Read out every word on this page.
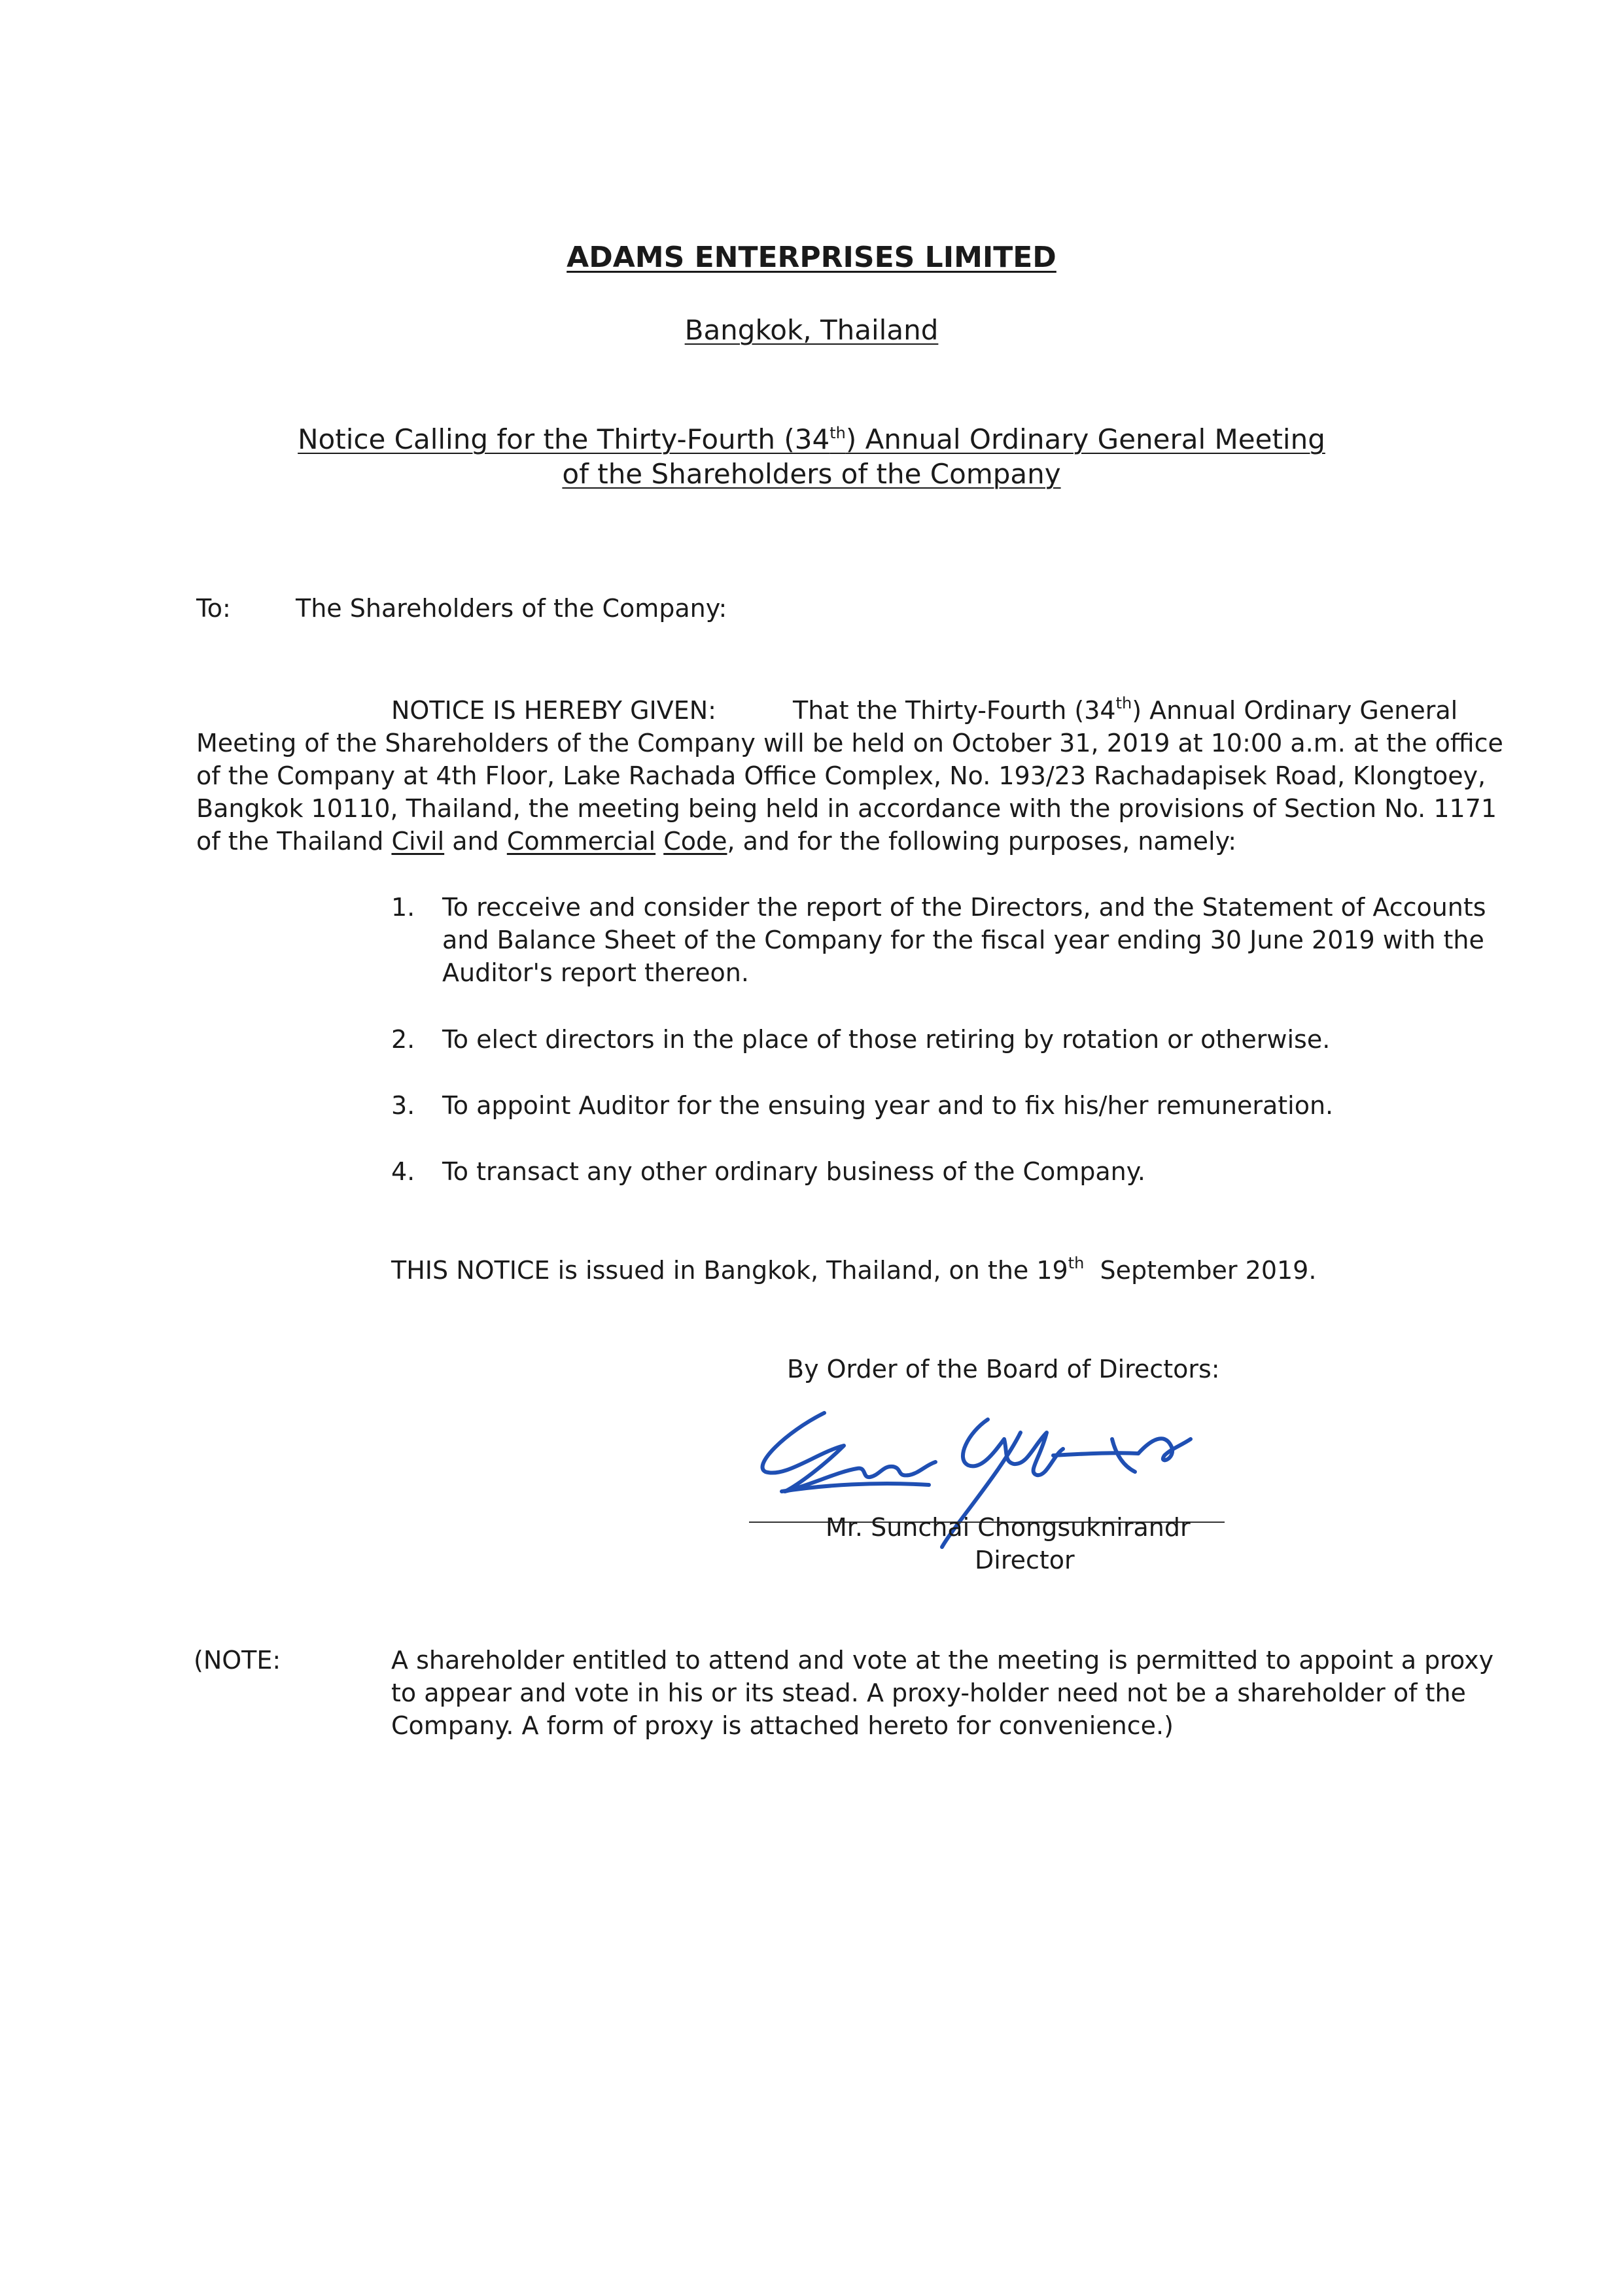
ADAMS ENTERPRISES LIMITED
Bangkok, Thailand
Notice Calling for the Thirty-Fourth (34th) Annual Ordinary General Meeting
of the Shareholders of the Company
To:	The Shareholders of the Company:
NOTICE IS HEREBY GIVEN:	That the Thirty-Fourth (34th) Annual Ordinary General
Meeting of the Shareholders of the Company will be held on October 31, 2019 at 10:00 a.m. at the office
of the Company at 4th Floor, Lake Rachada Office Complex, No. 193/23 Rachadapisek Road, Klongtoey,
Bangkok 10110, Thailand, the meeting being held in accordance with the provisions of Section No. 1171
of the Thailand Civil and Commercial Code, and for the following purposes, namely:
1. To recceive and consider the report of the Directors, and the Statement of Accounts
and Balance Sheet of the Company for the fiscal year ending 30 June 2019 with the
Auditor's report thereon.
2. To elect directors in the place of those retiring by rotation or otherwise.
3. To appoint Auditor for the ensuing year and to fix his/her remuneration.
4. To transact any other ordinary business of the Company.
THIS NOTICE is issued in Bangkok, Thailand, on the 19th  September 2019.
By Order of the Board of Directors:
Mr. Sunchai Chongsuknirandr
Director
(NOTE:	A shareholder entitled to attend and vote at the meeting is permitted to appoint a proxy
to appear and vote in his or its stead. A proxy-holder need not be a shareholder of the
Company. A form of proxy is attached hereto for convenience.)
